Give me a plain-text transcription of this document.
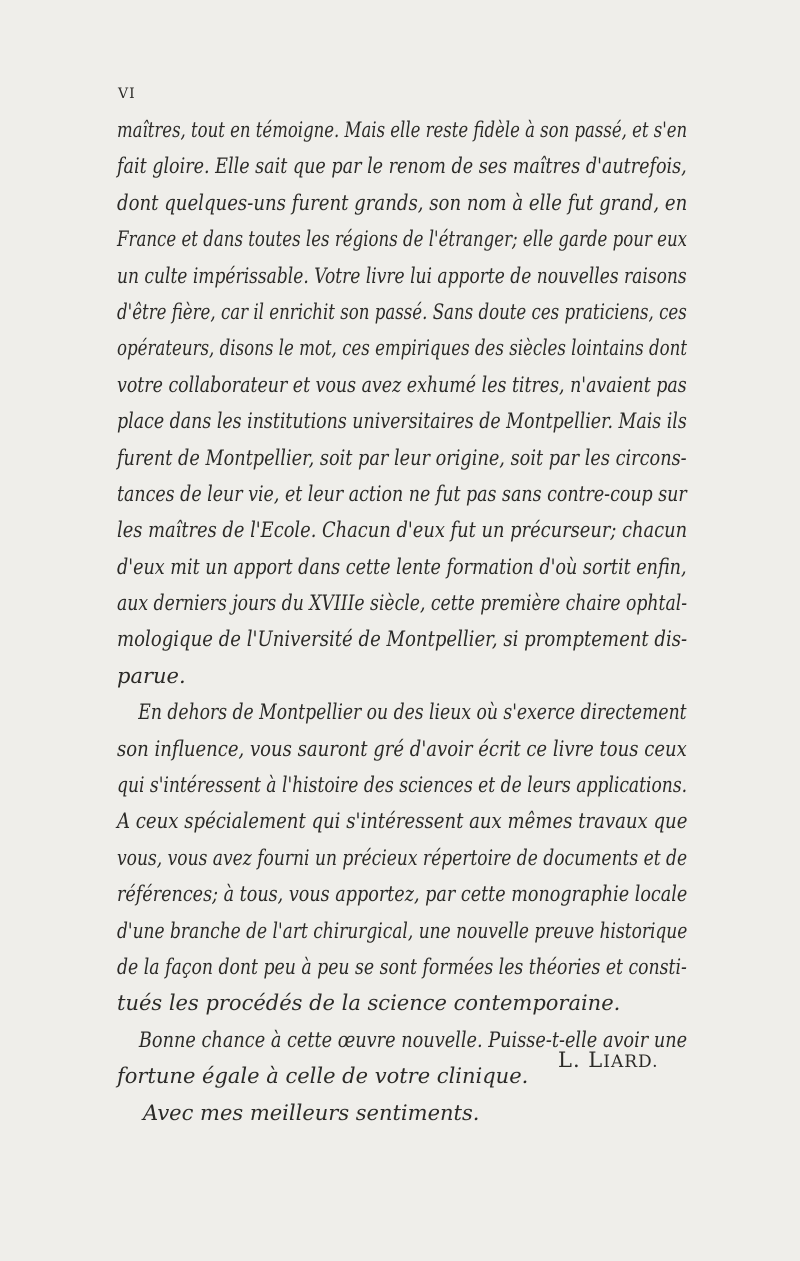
VI
maîtres, tout en témoigne. Mais elle reste fidèle à son passé, et s'en
fait gloire. Elle sait que par le renom de ses maîtres d'autrefois,
dont quelques-uns furent grands, son nom à elle fut grand, en
France et dans toutes les régions de l'étranger; elle garde pour eux
un culte impérissable. Votre livre lui apporte de nouvelles raisons
d'être fière, car il enrichit son passé. Sans doute ces praticiens, ces
opérateurs, disons le mot, ces empiriques des siècles lointains dont
votre collaborateur et vous avez exhumé les titres, n'avaient pas
place dans les institutions universitaires de Montpellier. Mais ils
furent de Montpellier, soit par leur origine, soit par les circons-
tances de leur vie, et leur action ne fut pas sans contre-coup sur
les maîtres de l'Ecole. Chacun d'eux fut un précurseur; chacun
d'eux mit un apport dans cette lente formation d'où sortit enfin,
aux derniers jours du XVIIIe siècle, cette première chaire ophtal-
mologique de l'Université de Montpellier, si promptement dis-
parue.
En dehors de Montpellier ou des lieux où s'exerce directement
son influence, vous sauront gré d'avoir écrit ce livre tous ceux
qui s'intéressent à l'histoire des sciences et de leurs applications.
A ceux spécialement qui s'intéressent aux mêmes travaux que
vous, vous avez fourni un précieux répertoire de documents et de
références; à tous, vous apportez, par cette monographie locale
d'une branche de l'art chirurgical, une nouvelle preuve historique
de la façon dont peu à peu se sont formées les théories et consti-
tués les procédés de la science contemporaine.
Bonne chance à cette œuvre nouvelle. Puisse-t-elle avoir une
fortune égale à celle de votre clinique.
Avec mes meilleurs sentiments.
L. LIARD.
